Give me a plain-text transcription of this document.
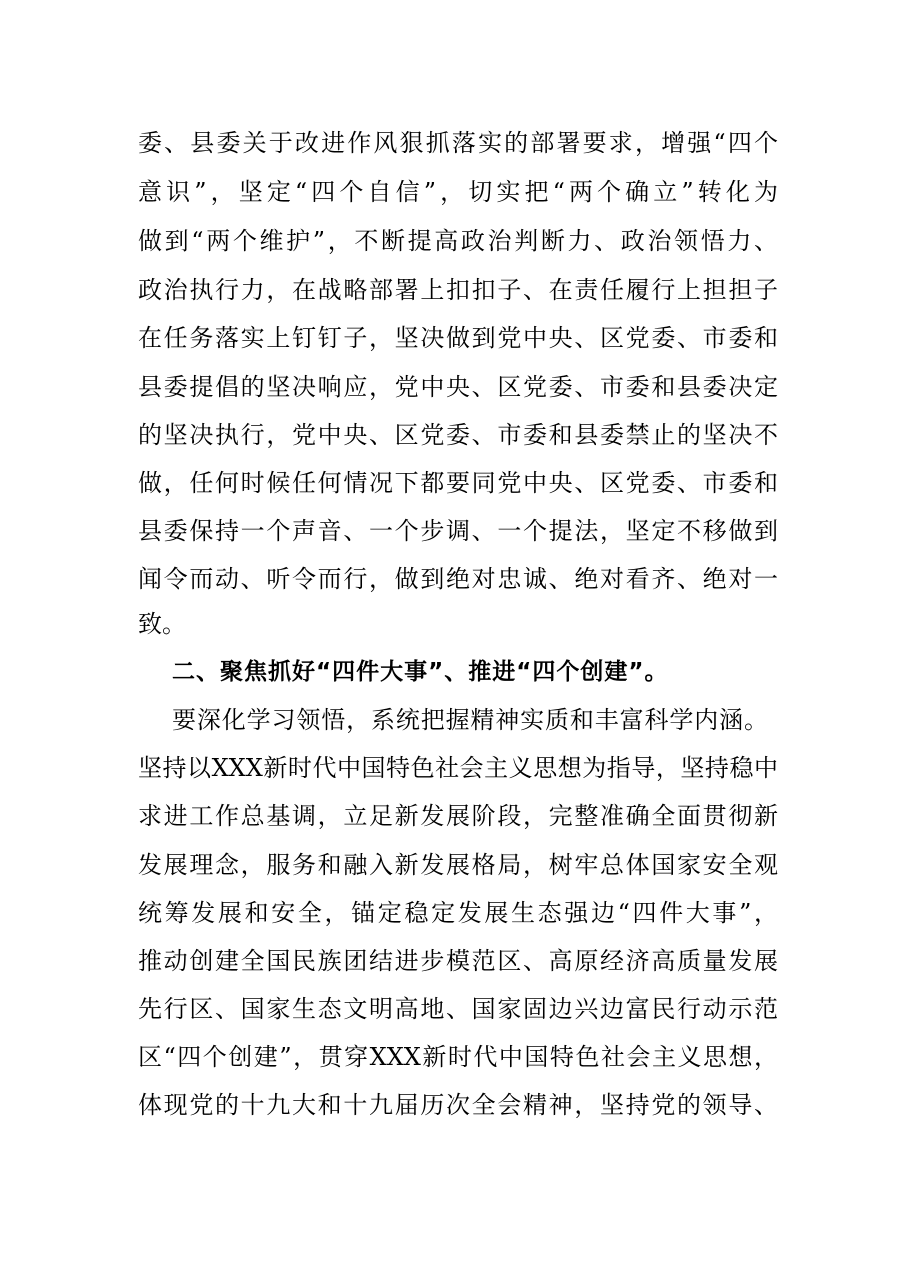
委、县委关于改进作风狠抓落实的部署要求，增强“四个
意识”，坚定“四个自信”，切实把“两个确立”转化为
做到“两个维护”，不断提高政治判断力、政治领悟力、
政治执行力，在战略部署上扣扣子、在责任履行上担担子
在任务落实上钉钉子，坚决做到党中央、区党委、市委和
县委提倡的坚决响应，党中央、区党委、市委和县委决定
的坚决执行，党中央、区党委、市委和县委禁止的坚决不
做，任何时候任何情况下都要同党中央、区党委、市委和
县委保持一个声音、一个步调、一个提法，坚定不移做到
闻令而动、听令而行，做到绝对忠诚、绝对看齐、绝对一
致。
二、聚焦抓好“四件大事”、推进“四个创建”。
要深化学习领悟，系统把握精神实质和丰富科学内涵。
坚持以XXX新时代中国特色社会主义思想为指导，坚持稳中
求进工作总基调，立足新发展阶段，完整准确全面贯彻新
发展理念，服务和融入新发展格局，树牢总体国家安全观
统筹发展和安全，锚定稳定发展生态强边“四件大事”，
推动创建全国民族团结进步模范区、高原经济高质量发展
先行区、国家生态文明高地、国家固边兴边富民行动示范
区“四个创建”，贯穿XXX新时代中国特色社会主义思想，
体现党的十九大和十九届历次全会精神，坚持党的领导、
